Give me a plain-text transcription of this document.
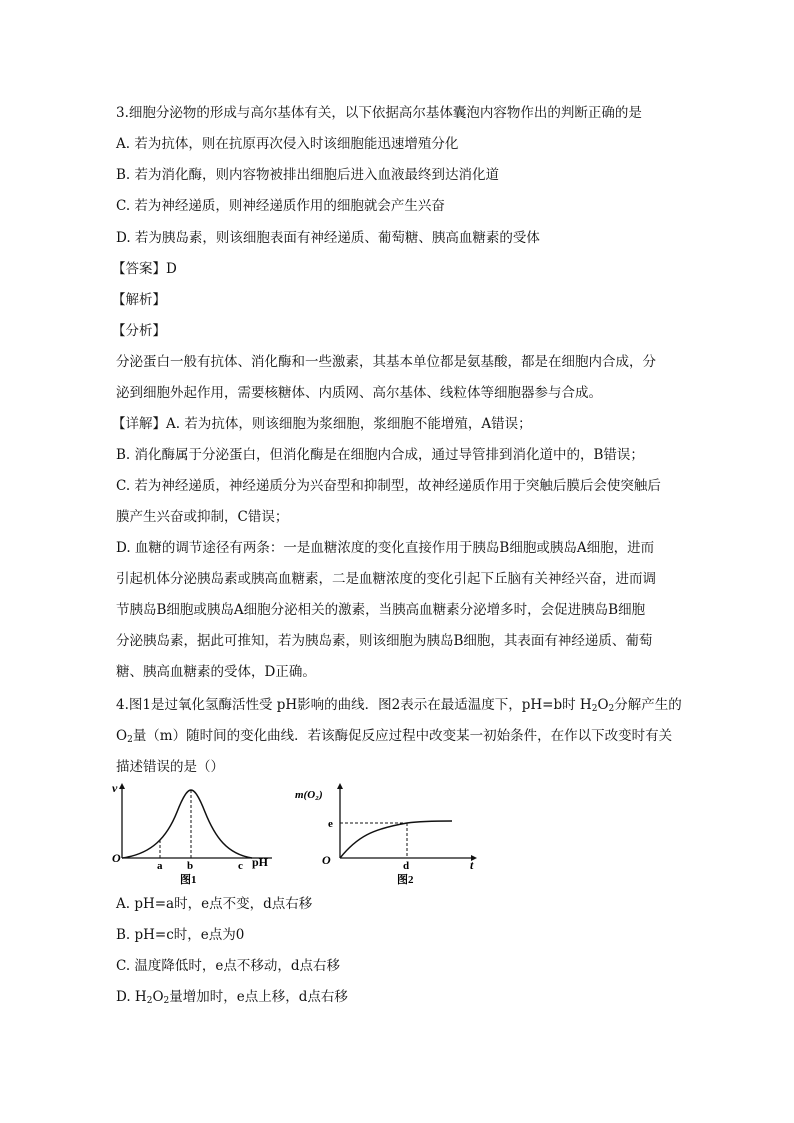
3.细胞分泌物的形成与高尔基体有关，以下依据高尔基体囊泡内容物作出的判断正确的是
A. 若为抗体，则在抗原再次侵入时该细胞能迅速增殖分化
B. 若为消化酶，则内容物被排出细胞后进入血液最终到达消化道
C. 若为神经递质，则神经递质作用的细胞就会产生兴奋
D. 若为胰岛素，则该细胞表面有神经递质、葡萄糖、胰高血糖素的受体
【答案】D
【解析】
【分析】
分泌蛋白一般有抗体、消化酶和一些激素，其基本单位都是氨基酸，都是在细胞内合成，分
泌到细胞外起作用，需要核糖体、内质网、高尔基体、线粒体等细胞器参与合成。
【详解】A. 若为抗体，则该细胞为浆细胞，浆细胞不能增殖，A错误；
B. 消化酶属于分泌蛋白，但消化酶是在细胞内合成，通过导管排到消化道中的，B错误；
C. 若为神经递质，神经递质分为兴奋型和抑制型，故神经递质作用于突触后膜后会使突触后
膜产生兴奋或抑制，C错误；
D. 血糖的调节途径有两条：一是血糖浓度的变化直接作用于胰岛B细胞或胰岛A细胞，进而
引起机体分泌胰岛素或胰高血糖素，二是血糖浓度的变化引起下丘脑有关神经兴奋，进而调
节胰岛B细胞或胰岛A细胞分泌相关的激素，当胰高血糖素分泌增多时，会促进胰岛B细胞
分泌胰岛素，据此可推知，若为胰岛素，则该细胞为胰岛B细胞，其表面有神经递质、葡萄
糖、胰高血糖素的受体，D正确。
4.图1是过氧化氢酶活性受 pH影响的曲线．图2表示在最适温度下，pH=b时 $H_2O_2$分解产生的
$O_2$量（m）随时间的变化曲线．若该酶促反应过程中改变某一初始条件，在作以下改变时有关
描述错误的是（）
v
O
a b	c pH
图1
m(O₂)
O
e
d	t
图2
A. pH=a时，e点不变，d点右移
B. pH=c时，e点为0
C. 温度降低时，e点不移动，d点右移
D. $H_2O_2$量增加时，e点上移，d点右移
